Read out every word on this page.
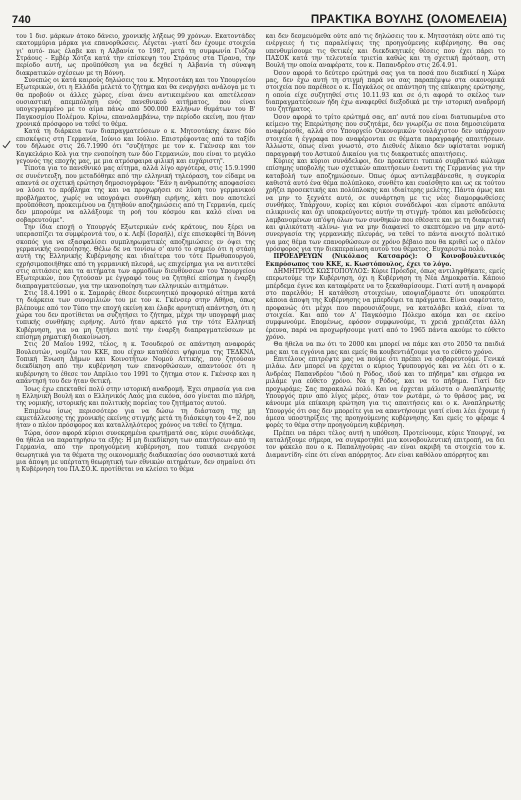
740	ΠΡΑΚΤΙΚΑ ΒΟΥΛΗΣ (ΟΛΟΜΕΛΕΙΑ)

του 1 δισ. μάρκων άτοκο δάνειο, χρονικής λήξεως 99 χρόνων. Εκατοντάδες εκατομμύρια μάρκα για επανορθώσεις. Λέγεται -γιατί δεν έχουμε στοιχεία γι' αυτό- πως έλαβε και η Αλβανία το 1987, μετά τη συμφωνία Γιόζεφ Στράους - Εμβέρ Χότζα κατά την επίσκεψη του Στράους στα Τίρανα, την περίοδο αυτή, ως προϋπόθεση για να δεχθεί η Αλβανία τη σύναψη διακρατικών σχέσεων με τη Βόννη.

Συνεπώς οι κατά καιρούς δηλώσεις του κ. Μητσοτάκη και του Υπουργείου Εξωτερικών, ότι η Ελλάδα μελετά το ζήτημα και θα ενεργήσει ανάλογα με τι θα προβούν οι άλλες χώρες, είναι άνευ αντικειμένου και απετέλεσαν ουσιαστική απεμπόληση ενός πανεθνικού αιτήματος, που είναι υπογεγραμμένο με το αίμα πάνω από 500.000 Ελλήνων θυμάτων του Β' Παγκοσμίου Πολέμου. Κρίνω, επαναλαμβάνω, την περίοδο εκείνη, που ήταν χρονικά πρόσφορο να τεθεί το θέμα.

Κατά τη διάρκεια των διαπραγματεύσεων ο κ. Μητσοτάκης έκανε δύο επισκέψεις στη Γερμανία, Ιούνιο και Ιούλιο. Επιστρέφοντας από το ταξίδι του δήλωσε στις 26.7.1990 ότι "συζήτησε με τον κ. Γκένσερ και τον Καγκελάριο Κολ για την ενοποίηση των δύο Γερμανιών, που είναι το μεγάλο γεγονός της εποχής μας, με μια ατμόσφαιρα φιλική και ευχάριστη".

Τίποτα για το πανεθνικό μας αίτημα, αλλά λίγο αργότερα, στις 15.9.1990 σε συνέντευξη, που μεταδόθηκε από την ελληνική τηλεόραση, τον είδαμε να απαντά σε σχετική ερώτηση δημοσιογράφου: "Εάν η ανθρωπότης αποφασίσει να λύσει το πρόβλημα της και να προχωρήσει σε λύση του γερμανικού προβλήματος, χωρίς να υπογράψει συνθήκη ειρήνης, κάτι που αποτελεί προϋπόθεση, προκειμένου να ζητηθούν αποζημιώσεις από τη Γερμανία, εμείς δεν μπορούμε να αλλάξουμε τη ροή του κόσμου και καλό είναι να σοβαρευτούμε".

Την ίδια εποχή ο Υπουργός Εξωτερικών ενός κράτους, που ξέρει να υπερασπίζει τα συμφέροντά του, ο κ. Λεβί (Ισραήλ), είχε επισκεφθεί τη Βόννη σκοπός για να εξασφαλίσει συμπληρωματικές αποζημιώσεις εν όψει της γερμανικής ενοποίησης. Θέλω δε να τονίσω σ' αυτό το σημείο ότι η στάση αυτή της Ελληνικής Κυβέρνησης και ιδιαίτερα του τότε Πρωθυπουργού, εχρήσιμοποιήθηκε από τη γερμανική πλευρά, ως επιχείρημα για να αντιτεθεί στις αιτιάσεις και τα αιτήματα των αρμοδίων διευθύνσεων του Υπουργείου Εξωτερικών, που ζητούσαν με έγγραφό τους να ζητηθεί επίσημα η έναρξη διαπραγματεύσεων, για την ικανοποίηση των ελληνικών αιτημάτων.

Στις 18.4.1991 ο κ. Σαμαράς έθεσε διερευνητικό προφορικό αίτημα κατά τη διάρκεια των συνομιλιών του με τον κ. Γκένσερ στην Αθήνα, όπως βλέπουμε από τον Τύπο την εποχή εκείνη και έλαβε αρνητική απάντηση, ότι η χώρα του δεν προτίθεται να συζητήσει το ζήτημα, μέχρι την υπογραφή μιας τυπικής συνθήκης ειρήνης. Αυτό ήταν αρκετό για την τότε Ελληνική Κυβέρνηση, για να μη ζητήσει ποτέ την έναρξη διαπραγματεύσεων με επίσημη ρηματική διακοίνωση.

Στις 20 Μαΐου 1992, τέλος, η κ. Τσουδερού σε απάντηση αναφοράς Βουλευτών, νομίζω του ΚΚΕ, που είχαν καταθέσει ψήφισμα της ΤΕΔΚΝΑ, Τοπική Ένωση Δήμων και Κοινοτήτων Νομού Αττικής, που ζητούσαν διεκδίκηση από την κυβέρνηση των επανορθώσεων, απαντούσε ότι η κυβέρνηση το έθεσε τον Απρίλιο του 1991 το ζήτημα στον κ. Γκένσερ και η απάντησή του δεν ήταν θετική.

Ίσως έχω επεκταθεί πολύ στην ιστορική αναδρομή. Έχει σημασία για ενα η Ελληνική Βουλή και ο Ελληνικός Λαός μια εικόνα, όσο γίνεται πιο πλήρη, της νομικής, ιστορικής και πολιτικής πορείας του ζητήματος αυτού.

Επιμένω ίσως περισσότερο για να δώσω τη διάσταση της μη εκμετάλλευσης της χρονικής εκείνης στιγμής μετά τη διάσκεψη του 4+2, που ήταν ο πλέον πρόσφορος και καταλληλότερος χρόνος να τεθεί το ζήτημα.

Τώρα, όσον αφορά κύριοι συνεκρημένα ερωτήματά σας, κύριε συνάδελφε, θα ήθελα να παρατηρήσω τα εξής: Η μη διεκδίκηση των απαιτήσεων από τη Γερμανία, από την προηγούμενη κυβέρνηση, που τυπικά ενεργούσε θεωρητικά για τα θέματα της οικονομικής διαδικασίας όσο ουσιαστικά κατά μια άποψη με υπέρτατη θεωρητική των εθνικών αιτημάτων, δεν σημαίνει ότι η Κυβέρνηση του ΠΑ.ΣΟ.Κ. προτίθεται να κλείσει το θέμα

και δεν δεσμευόμεθα ούτε από τις δηλώσεις του κ. Μητσοτάκη ούτε από τις ενέργειες ή τις παραλείψεις της προηγούμενης κυβέρνησης. Θα σας υπενθυμίσουμε τις θετικές και διεκδικητικές θέσεις που έχει πάρει το ΠΑΣΟΚ κατά την τελευταία τριετία καθώς και τη σχετική πρόταση, στη Βουλή την οποία αναφέρατε, του κ. Παπανδρέου στις 26.4.91.

Όσον αφορά το δεύτερο ερώτημά σας για τα ποσά που διεκδικεί η Χώρα μας, δεν έχω αυτή τη στιγμή παρά να σας παραπέμψω στα οικονομικά στοιχεία που παρέθεσε ο κ. Παγκάλος σε απάντηση της επίκαιρης ερώτησης, η οποία είχε συζητηθεί στις 10.11.93 και σε ό,τι αφορά το σκέλος των διαπραγματεύσεων ήδη έχω αναφερθεί διεξοδικά με την ιστορική αναδρομή του ζητήματος.

Όσον αφορά το τρίτο ερώτημά σας, απ' αυτά που είναι διατυπωμένα στο κείμενο της Επερώτησης που συζητάμε, δεν γνωρίζω σε ποια δημοσιεύματα αναφέρεσθε, αλλά στο Υπουργείο Οικονομικών τουλάχιστον δεν υπάρχουν στοιχεία ή έγγραφα που αναφέρονται σε θέματα παραγραφής απαιτήσεων. Άλλωστε, όπως είναι γνωστό, στο Διεθνές Δίκαιο δεν υφίσταται νομική παραγραφή του Αστικού Δικαίου για τις διακρατικές απαιτήσεις.

Κύριες και κύριοι συνάδελφοι, δεν προκύπτει τυπικό συμβατικό κώλυμα επίσημης υποβολής των σχετικών απαιτήσεων έναντι της Γερμανίας για την καταβολή των αποζημιώσεων. Όπως όμως αντιλαμβάνεσθε, η συγκυρία καθιστά αυτό ένα θέμα πολύπλοκο, συνθέτο και ευαίσθητο και ως εκ τούτου χρήζει προσεκτικής και πολύπλοκης και ιδιαίτερης μελέτης. Πάντα όμως και να μην το ξεχνάτε αυτό, σε συνάρτηση με τις νέες διαμορφωθείσες συνθήκες. Υπάρχουν, κυρίες και κύριοι συνάδελφοι -και είμαστε απόλυτα ειλικρινείς και όχι υποκρεύγοντες αυτήν τη στιγμή- τρόποι και μεθοδεύσεις λαμβανομένων υπ'όψη όλων των συνθηκών που εθέσατε και με τη διακριτική και φιλικότατη -κλίνω- για να μην διαφανεί το σκεπτόμενο να μην αυτό- συνεργασία της γερμανικής πλευράς, να τεθεί το πάντα ανοιχτό πολιτικό για μας θέμα των επανορθώσεων σε χρόνο βέβαιο που θα κριθεί ως ο πλέον πρόσφορος για την διεκπεραίωση αυτού του θέματος. Ευχαριστώ πολύ.

ΠΡΟΕΔΡΕΥΩΝ (Νικόλαος Κατσαρός): Ο Κοινοβουλευτικός Εκπρόσωπος του ΚΚΕ, κ. Κωστόπουλος, έχει το λόγο.

ΔΗΜΗΤΡΙΟΣ ΚΩΣΤΟΠΟΥΛΟΣ: Κύριε Πρόεδρε, όπως αντιληφθήκατε, εμείς επερωτούμε την Κυβέρνηση, όχι η Κυβέρνηση τη Νέα Δημοκρατία. Κάποιο μπέρδεμα έγινε και καταφέρατε να το ξεκαθαρίσουμε. Γιατί αυτή η αναφορά στο παρελθόν; Η κατάθεση στοιχείων, υποψιαζόμαστε ότι υποκρύπτει κάποια άποψη της Κυβέρνησης να μπερδέψει τα πράγματα. Είναι σαφέστατο, προφανώς ότι μέχρι που παρουσιάζουμε, να καταλάβει καλά, είναι τα στοιχεία. Και από τον Α' Παγκόσμιο Πόλεμο ακόμα και σε εκείνο συμφωνούμε. Επομένως, εφόσον συμφωνούμε, τι χρειά χρειάζεται άλλη έρευνα, παρά να προχωρήσουμε γιατί από το 1965 πάντα ακούμε το εύθετο χρόνο.

Θα ήθελα να πω ότι το 2000 και μπορεί να πάμε και στο 2050 τα παιδιά μας και τα εγγόνια μας και εμείς θα κουβεντιάζουμε για το εύθετο χρόνο.

Επιτέλους επιτρέψτε μας να πούμε ότι πρέπει να σοβαρευτούμε. Γενικά μιλάω. Δεν μπορεί να έρχεται ο κύριος Υφυπουργός και να λέει ότι ο κ. Ανδρέας Παπανδρέου "ιδού η Ρόδος, ιδού και το πήδημα" και σήμερα να μιλάμε για εύθετο χρόνο. Να η Ρόδος, και να το πήδημα. Γιατί δεν προχωράμε; Σας παρακαλώ πολύ. Και να έρχεται μάλιστα ο Αναπληρωτής Υπουργός πριν από λίγες μέρες, όταν τον ρωτάμε, ώ το θράσος μας, να κάνουμε μία επίκαιρη ερώτηση για τις απαιτήσεις και ο κ. Αναπληρωτής Υπουργός ότι σας δεν μπορείτε για να απαντήσουμε γιατί είναι λέει έχουμε ή άμεσα υποστηρίξεις της προηγούμενης κυβέρνησης. Και εμείς το φέραμε 4 φορές το θέμα στην προηγούμενη κυβέρνηση.

Πρέπει να πάρει τέλος αυτή η υπόθεση. Προτείνουμε, κύριε Υπουργέ, να καταλήξουμε σήμερα, να συγκροτηθεί μια κοινοβουλευτική επιτροπή, να δει τον φάκελο που ο κ. Παπαληγούρας -αν είναι ακριβή τα στοιχεία του κ. Διαμαντίδη- είπε ότι είναι απόρρητος. Δεν είναι καθόλου απόρρητος και
